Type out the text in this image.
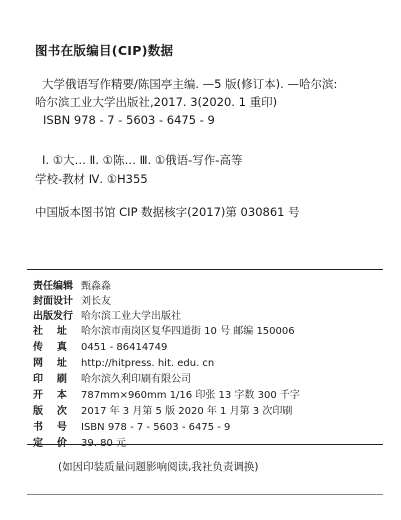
图书在版编目(CIP)数据
大学俄语写作精要/陈国亭主编. —5 版(修订本). —哈尔滨:
哈尔滨工业大学出版社,2017. 3(2020. 1 重印)
ISBN 978 - 7 - 5603 - 6475 - 9
Ⅰ. ①大… Ⅱ. ①陈… Ⅲ. ①俄语-写作-高等
学校-教材 Ⅳ. ①H355
中国版本图书馆 CIP 数据核字(2017)第 030861 号
责任编辑 甄淼淼
封面设计 刘长友
出版发行 哈尔滨工业大学出版社
社    址	哈尔滨市南岗区复华四道街 10 号 邮编 150006
传    真	0451 - 86414749
网    址	http://hitpress. hit. edu. cn
印    刷	哈尔滨久利印刷有限公司
开    本	787mm×960mm 1/16 印张 13 字数 300 千字
版    次	2017 年 3 月第 5 版 2020 年 1 月第 3 次印刷
书    号	ISBN 978 - 7 - 5603 - 6475 - 9
定    价	39. 80 元
(如因印装质量问题影响阅读,我社负责调换)
